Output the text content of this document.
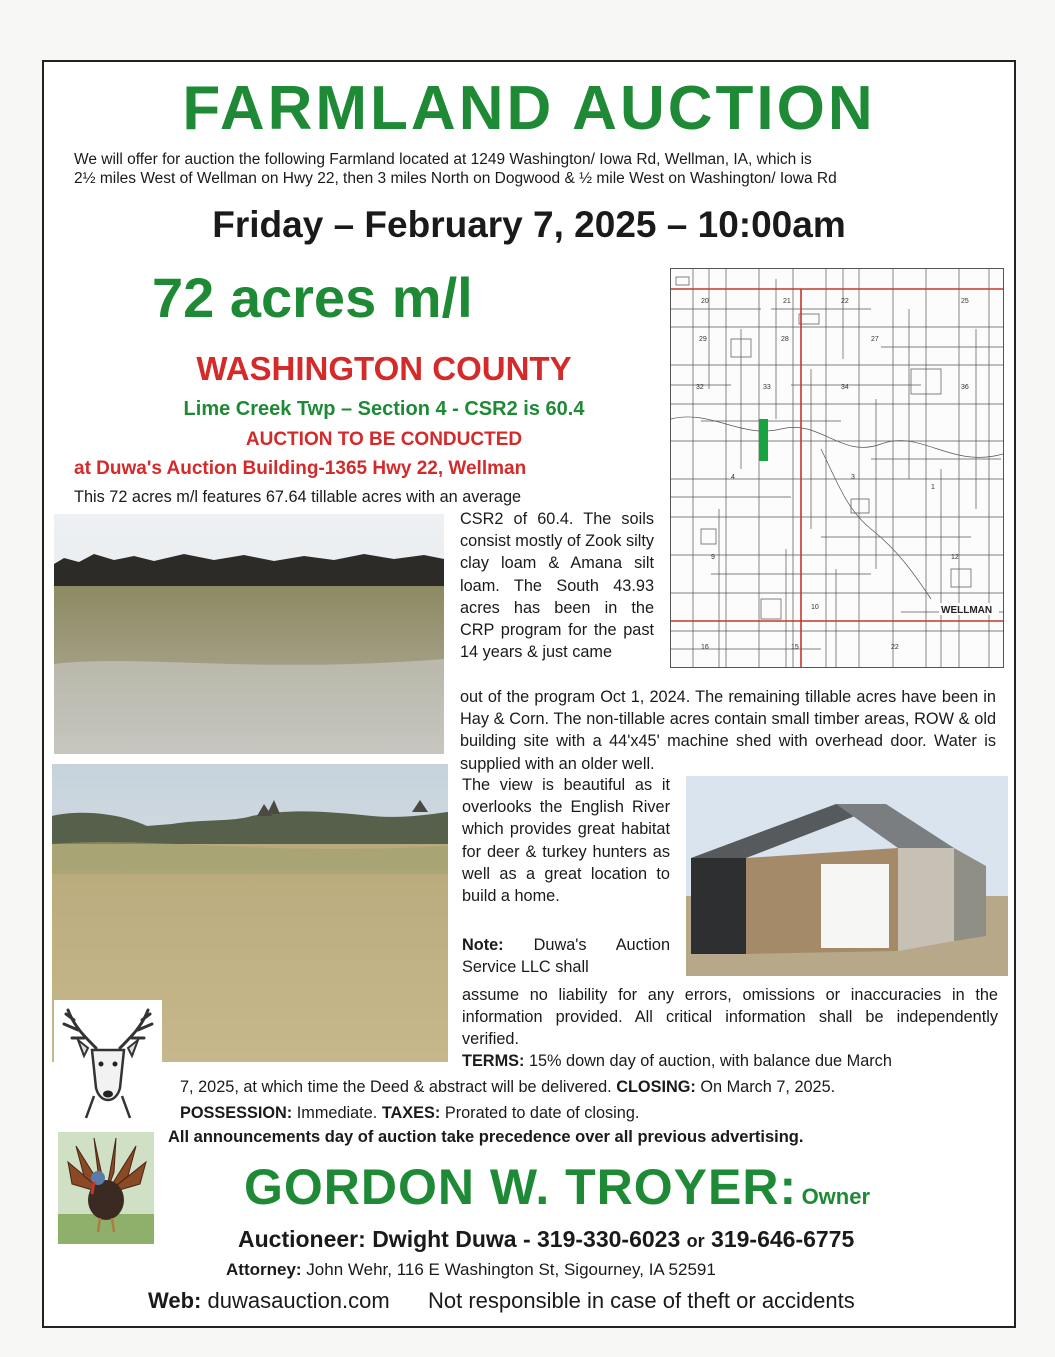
FARMLAND AUCTION
We will offer for auction the following Farmland located at 1249 Washington/ Iowa Rd, Wellman, IA, which is
2½ miles West of Wellman on Hwy 22, then 3 miles North on Dogwood & ½ mile West on Washington/ Iowa Rd
Friday – February 7, 2025 – 10:00am
72 acres m/l
WASHINGTON COUNTY
Lime Creek Twp – Section 4 - CSR2 is 60.4
AUCTION TO BE CONDUCTED
at Duwa's Auction Building-1365 Hwy 22, Wellman
20	21	22	25
29	28	27
32	33	34	36
4	3
1
9
10
12
16	15	22
WELLMAN
This 72 acres m/l features 67.64 tillable acres with an average
CSR2 of 60.4. The soils consist mostly of Zook silty clay loam & Amana silt loam. The South 43.93 acres has been in the CRP program for the past 14 years & just came
out of the program Oct 1, 2024. The remaining tillable acres have been in Hay & Corn. The non-tillable acres contain small timber areas, ROW & old building site with a 44'x45' machine shed with overhead door. Water is supplied with an older well.
The view is beautiful as it overlooks the English River which provides great habitat for deer & turkey hunters as well as a great location to build a home.
Note: Duwa's Auction Service LLC shall
assume no liability for any errors, omissions or inaccuracies in the information provided. All critical information shall be independently verified.
TERMS: 15% down day of auction, with balance due March
7, 2025, at which time the Deed & abstract will be delivered. CLOSING: On March 7, 2025.
POSSESSION: Immediate. TAXES: Prorated to date of closing.
All announcements day of auction take precedence over all previous advertising.
GORDON W. TROYER: Owner
Auctioneer: Dwight Duwa - 319-330-6023 or 319-646-6775
Attorney: John Wehr, 116 E Washington St, Sigourney, IA 52591
Web: duwasauction.com Not responsible in case of theft or accidents
